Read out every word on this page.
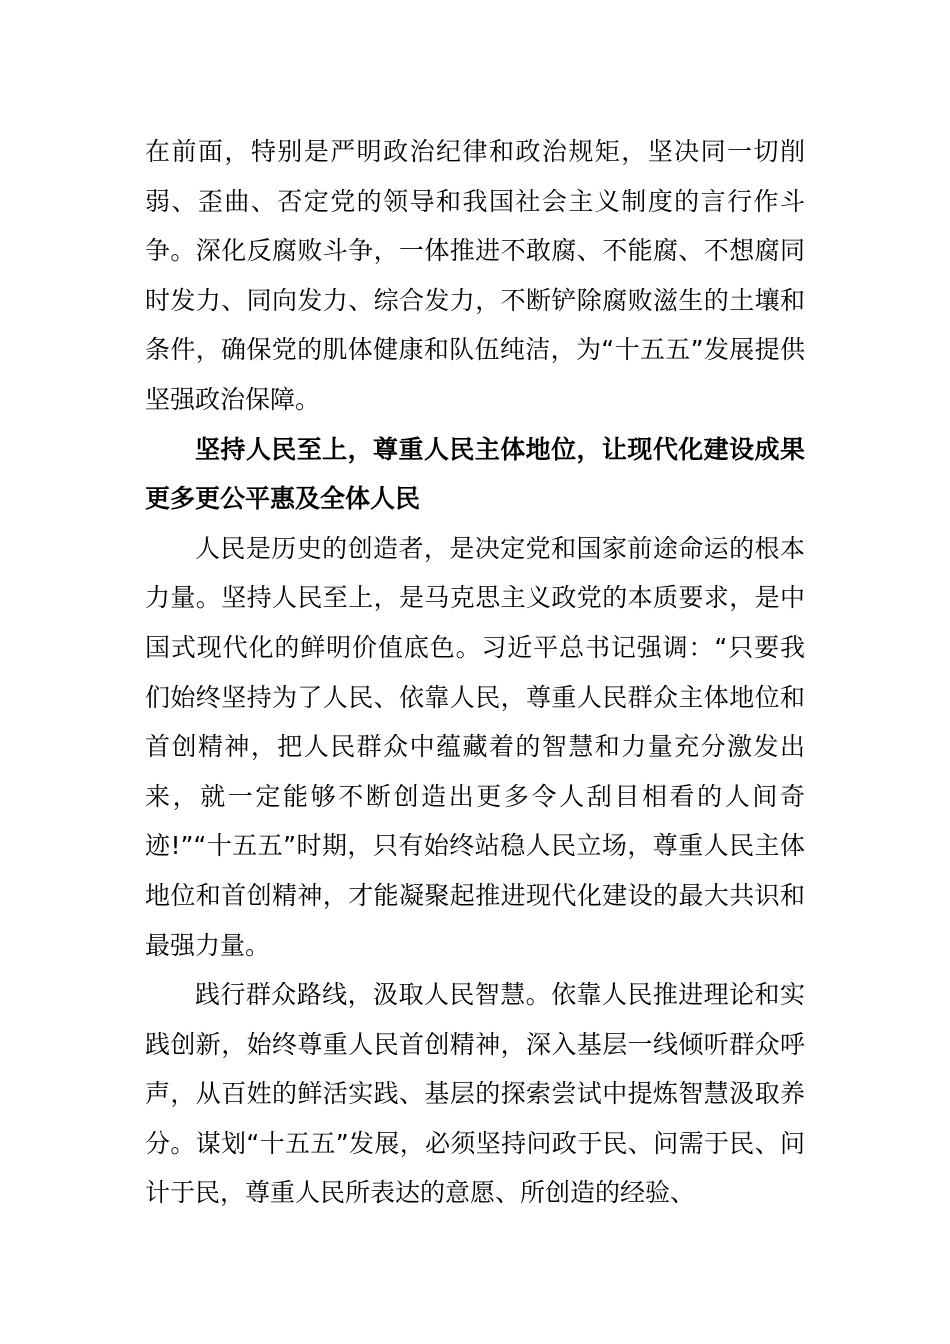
在前面，特别是严明政治纪律和政治规矩，坚决同一切削弱、歪曲、否定党的领导和我国社会主义制度的言行作斗争。深化反腐败斗争，一体推进不敢腐、不能腐、不想腐同时发力、同向发力、综合发力，不断铲除腐败滋生的土壤和条件，确保党的肌体健康和队伍纯洁，为“十五五”发展提供坚强政治保障。

坚持人民至上，尊重人民主体地位，让现代化建设成果更多更公平惠及全体人民

人民是历史的创造者，是决定党和国家前途命运的根本力量。坚持人民至上，是马克思主义政党的本质要求，是中国式现代化的鲜明价值底色。习近平总书记强调：“只要我们始终坚持为了人民、依靠人民，尊重人民群众主体地位和首创精神，把人民群众中蕴藏着的智慧和力量充分激发出来，就一定能够不断创造出更多令人刮目相看的人间奇迹!”“十五五”时期，只有始终站稳人民立场，尊重人民主体地位和首创精神，才能凝聚起推进现代化建设的最大共识和最强力量。

践行群众路线，汲取人民智慧。依靠人民推进理论和实践创新，始终尊重人民首创精神，深入基层一线倾听群众呼声，从百姓的鲜活实践、基层的探索尝试中提炼智慧汲取养分。谋划“十五五”发展，必须坚持问政于民、问需于民、问计于民，尊重人民所表达的意愿、所创造的经验、
